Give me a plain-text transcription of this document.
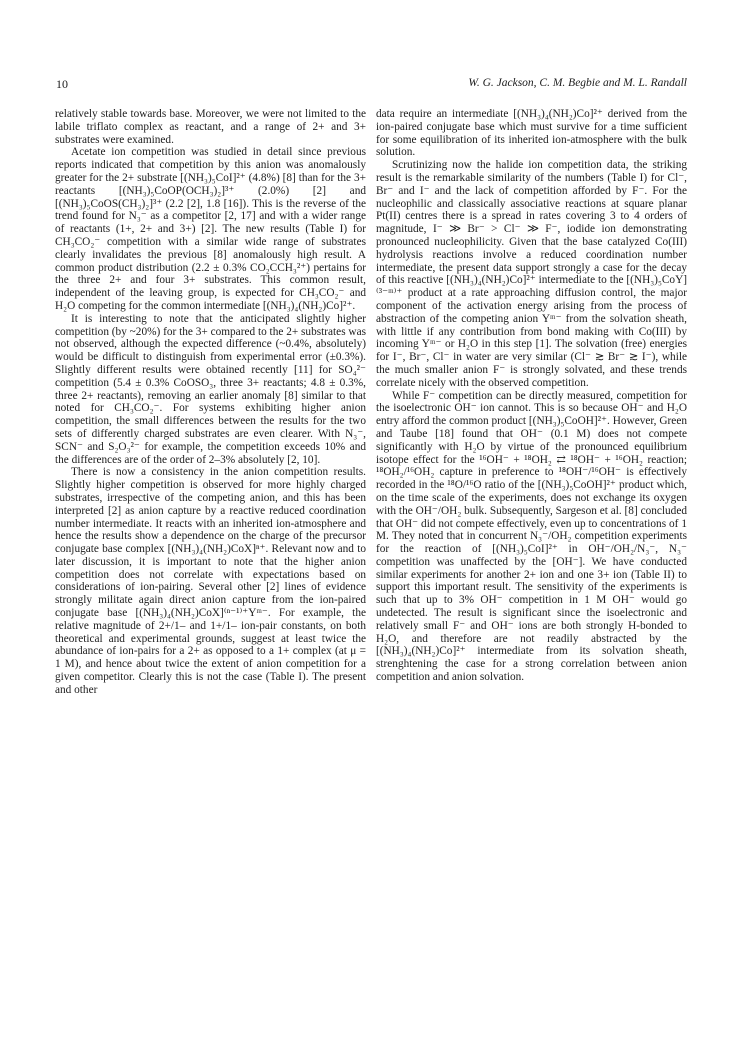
10	W. G. Jackson, C. M. Begbie and M. L. Randall

relatively stable towards base. Moreover, we were not limited to the labile triflato complex as reactant, and a range of 2+ and 3+ substrates were examined.

Acetate ion competition was studied in detail since previous reports indicated that competition by this anion was anomalously greater for the 2+ substrate [(NH₃)₅CoI]²⁺ (4.8%) [8] than for the 3+ reactants [(NH₃)₅CoOP(OCH₃)₂]³⁺ (2.0%) [2] and [(NH₃)₅CoOS(CH₃)₂]³⁺ (2.2 [2], 1.8 [16]). This is the reverse of the trend found for N₃⁻ as a competitor [2, 17] and with a wider range of reactants (1+, 2+ and 3+) [2]. The new results (Table I) for CH₃CO₂⁻ competition with a similar wide range of substrates clearly invalidates the previous [8] anomalously high result. A common product distribution (2.2 ± 0.3% CO₂CCH₃²⁺) pertains for the three 2+ and four 3+ substrates. This common result, independent of the leaving group, is expected for CH₃CO₂⁻ and H₂O competing for the common intermediate [(NH₃)₄(NH₂)Co]²⁺.

It is interesting to note that the anticipated slightly higher competition (by ~20%) for the 3+ compared to the 2+ substrates was not observed, although the expected difference (~0.4%, absolutely) would be difficult to distinguish from experimental error (±0.3%). Slightly different results were obtained recently [11] for SO₄²⁻ competition (5.4 ± 0.3% CoOSO₃, three 3+ reactants; 4.8 ± 0.3%, three 2+ reactants), removing an earlier anomaly [8] similar to that noted for CH₃CO₂⁻. For systems exhibiting higher anion competition, the small differences between the results for the two sets of differently charged substrates are even clearer. With N₃⁻, SCN⁻ and S₂O₃²⁻ for example, the competition exceeds 10% and the differences are of the order of 2–3% absolutely [2, 10].

There is now a consistency in the anion competition results. Slightly higher competition is observed for more highly charged substrates, irrespective of the competing anion, and this has been interpreted [2] as anion capture by a reactive reduced coordination number intermediate. It reacts with an inherited ion-atmosphere and hence the results show a dependence on the charge of the precursor conjugate base complex [(NH₃)₄(NH₂)CoX]ⁿ⁺. Relevant now and to later discussion, it is important to note that the higher anion competition does not correlate with expectations based on considerations of ion-pairing. Several other [2] lines of evidence strongly militate again direct anion capture from the ion-paired conjugate base [(NH₃)₄(NH₂)CoX]⁽ⁿ⁻¹⁾⁺Yᵐ⁻. For example, the relative magnitude of 2+/1– and 1+/1– ion-pair constants, on both theoretical and experimental grounds, suggest at least twice the abundance of ion-pairs for a 2+ as opposed to a 1+ complex (at μ = 1 M), and hence about twice the extent of anion competition for a given competitor. Clearly this is not the case (Table I). The present and other

data require an intermediate [(NH₃)₄(NH₂)Co]²⁺ derived from the ion-paired conjugate base which must survive for a time sufficient for some equilibration of its inherited ion-atmosphere with the bulk solution.

Scrutinizing now the halide ion competition data, the striking result is the remarkable similarity of the numbers (Table I) for Cl⁻, Br⁻ and I⁻ and the lack of competition afforded by F⁻. For the nucleophilic and classically associative reactions at square planar Pt(II) centres there is a spread in rates covering 3 to 4 orders of magnitude, I⁻ ≫ Br⁻ > Cl⁻ ≫ F⁻, iodide ion demonstrating pronounced nucleophilicity. Given that the base catalyzed Co(III) hydrolysis reactions involve a reduced coordination number intermediate, the present data support strongly a case for the decay of this reactive [(NH₃)₄(NH₂)Co]²⁺ intermediate to the [(NH₃)₅CoY]⁽³⁻ᵐ⁾⁺ product at a rate approaching diffusion control, the major component of the activation energy arising from the process of abstraction of the competing anion Yᵐ⁻ from the solvation sheath, with little if any contribution from bond making with Co(III) by incoming Yᵐ⁻ or H₂O in this step [1]. The solvation (free) energies for I⁻, Br⁻, Cl⁻ in water are very similar (Cl⁻ ≳ Br⁻ ≳ I⁻), while the much smaller anion F⁻ is strongly solvated, and these trends correlate nicely with the observed competition.

While F⁻ competition can be directly measured, competition for the isoelectronic OH⁻ ion cannot. This is so because OH⁻ and H₂O entry afford the common product [(NH₃)₅CoOH]²⁺. However, Green and Taube [18] found that OH⁻ (0.1 M) does not compete significantly with H₂O by virtue of the pronounced equilibrium isotope effect for the ¹⁶OH⁻ + ¹⁸OH₂ ⇄ ¹⁸OH⁻ + ¹⁶OH₂ reaction; ¹⁸OH₂/¹⁶OH₂ capture in preference to ¹⁸OH⁻/¹⁶OH⁻ is effectively recorded in the ¹⁸O/¹⁶O ratio of the [(NH₃)₅CoOH]²⁺ product which, on the time scale of the experiments, does not exchange its oxygen with the OH⁻/OH₂ bulk. Subsequently, Sargeson et al. [8] concluded that OH⁻ did not compete effectively, even up to concentrations of 1 M. They noted that in concurrent N₃⁻/OH₂ competition experiments for the reaction of [(NH₃)₅CoI]²⁺ in OH⁻/OH₂/N₃⁻, N₃⁻ competition was unaffected by the [OH⁻]. We have conducted similar experiments for another 2+ ion and one 3+ ion (Table II) to support this important result. The sensitivity of the experiments is such that up to 3% OH⁻ competition in 1 M OH⁻ would go undetected. The result is significant since the isoelectronic and relatively small F⁻ and OH⁻ ions are both strongly H-bonded to H₂O, and therefore are not readily abstracted by the [(NH₃)₄(NH₂)Co]²⁺ intermediate from its solvation sheath, strenghtening the case for a strong correlation between anion competition and anion solvation.
